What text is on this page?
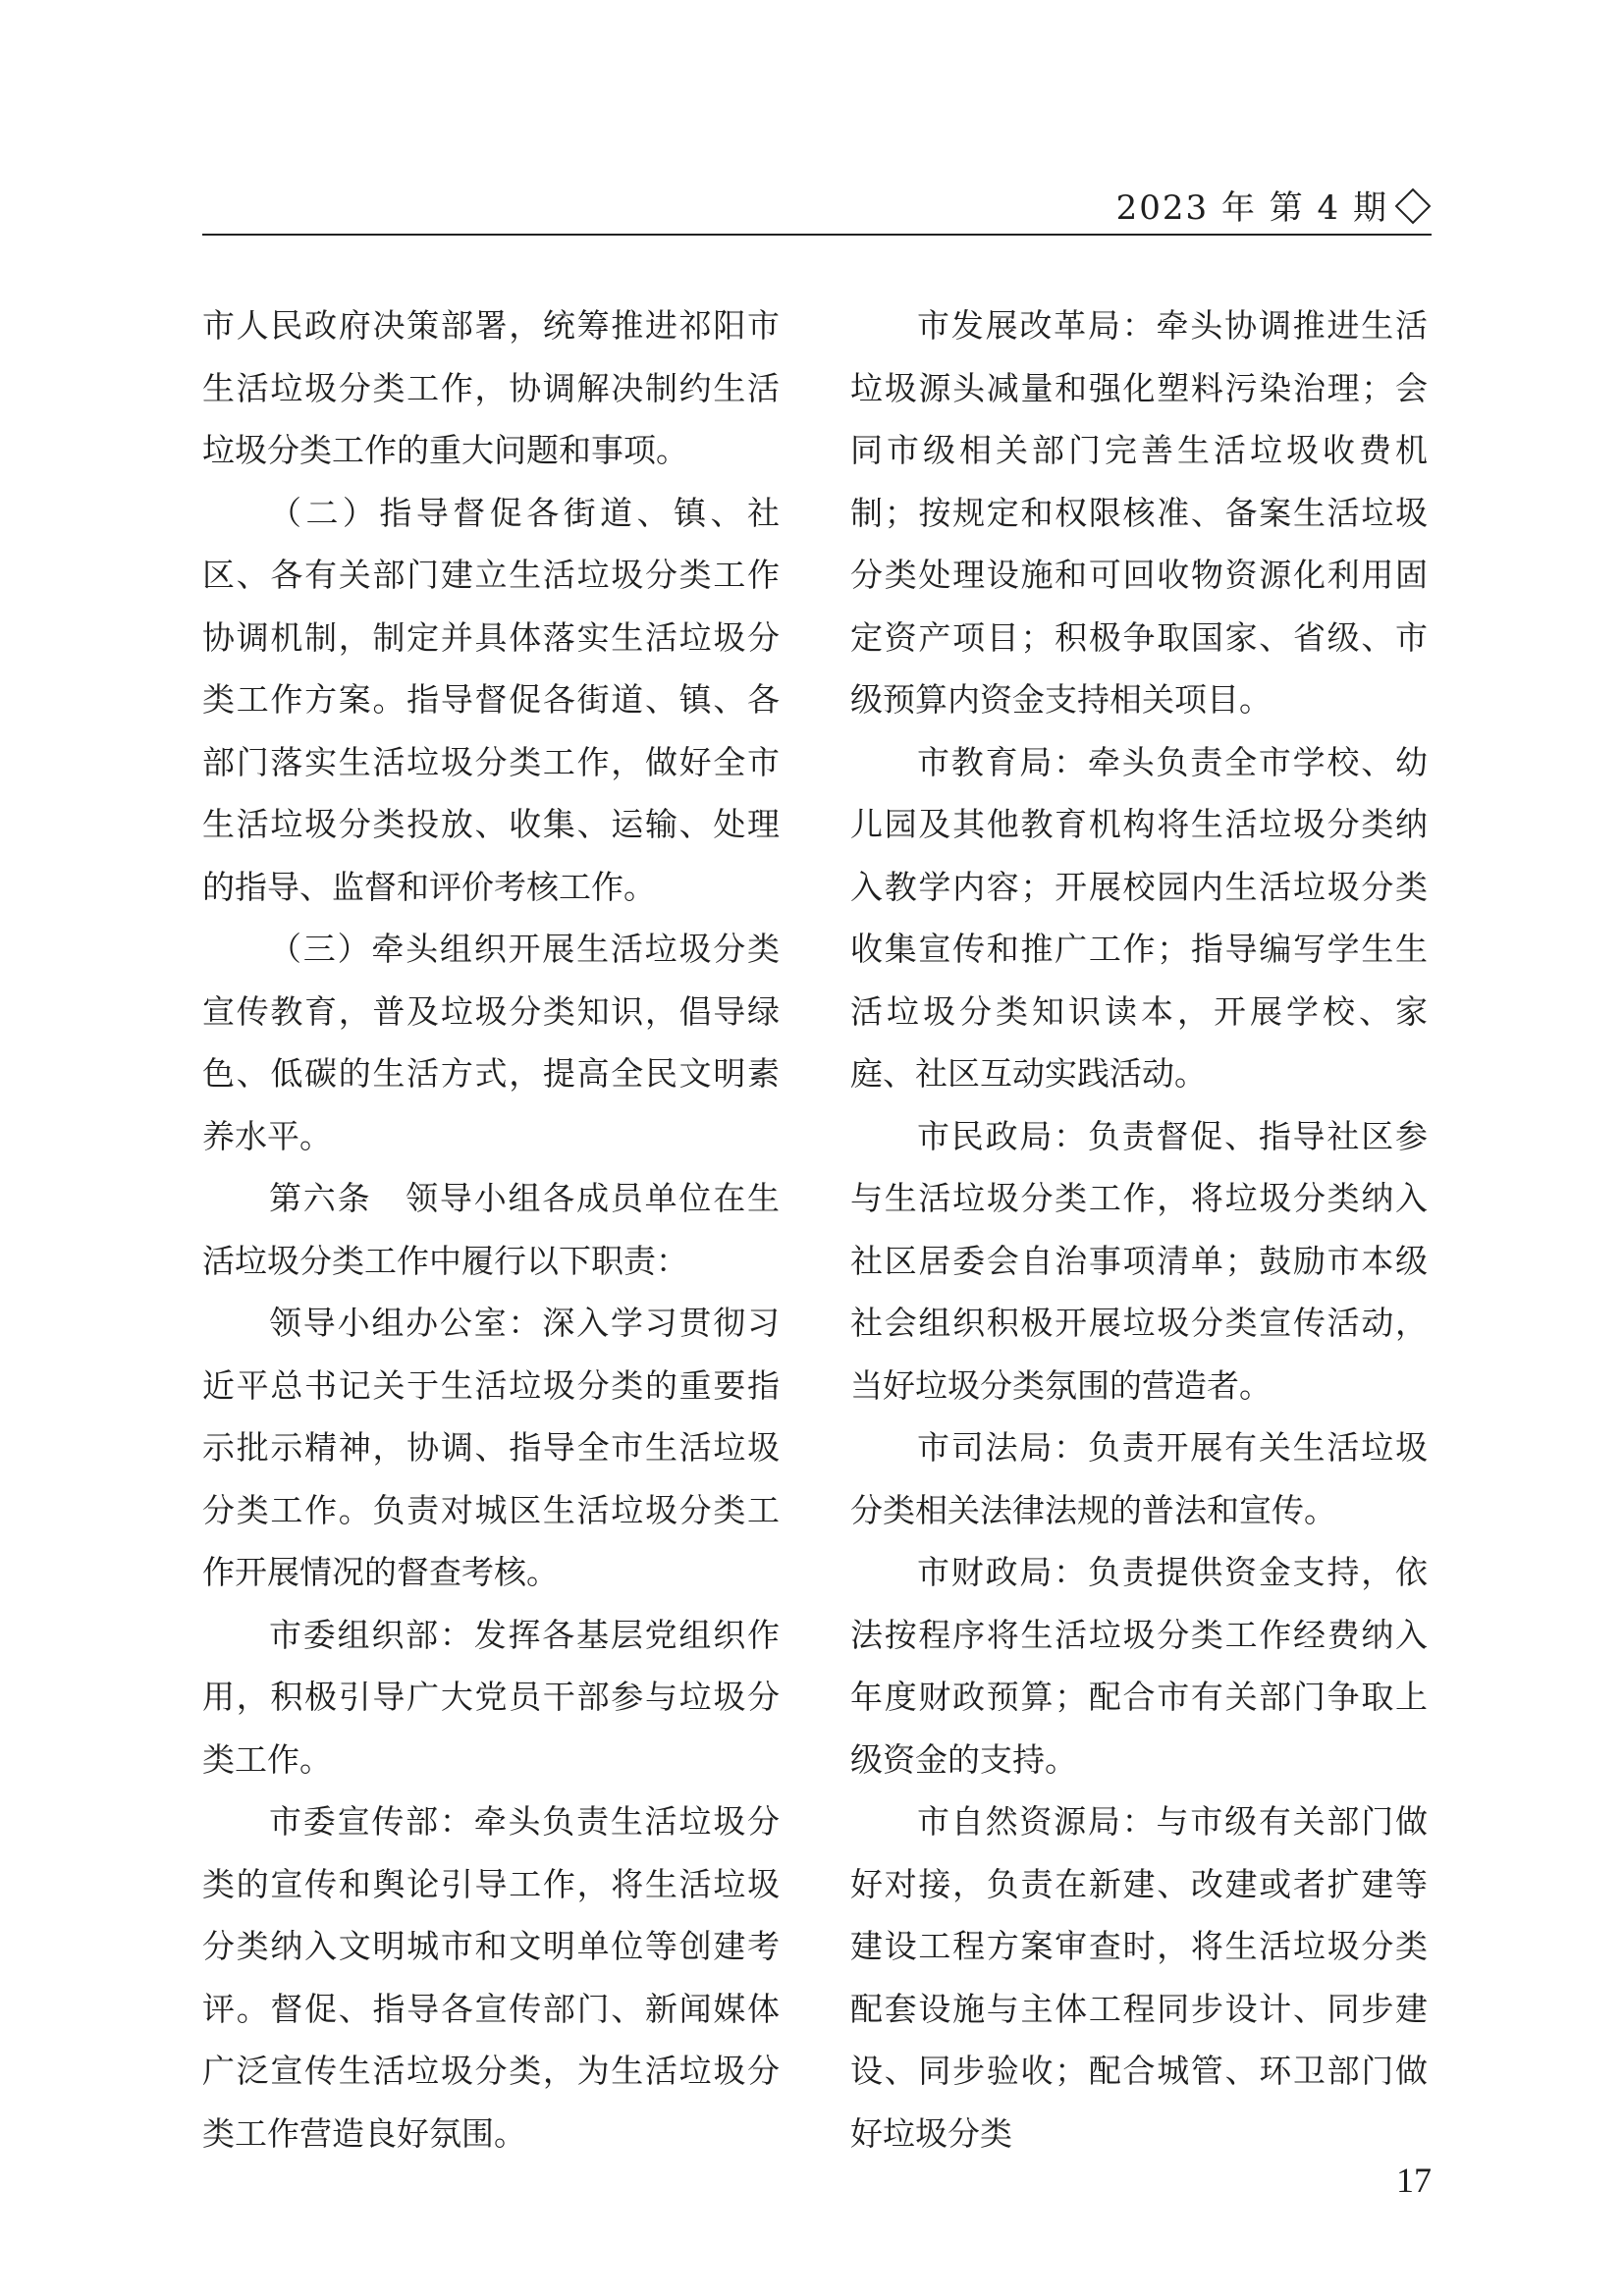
2023 年 第 4 期

市人民政府决策部署，统筹推进祁阳市生活垃圾分类工作，协调解决制约生活垃圾分类工作的重大问题和事项。

（二）指导督促各街道、镇、社区、各有关部门建立生活垃圾分类工作协调机制，制定并具体落实生活垃圾分类工作方案。指导督促各街道、镇、各部门落实生活垃圾分类工作，做好全市生活垃圾分类投放、收集、运输、处理的指导、监督和评价考核工作。

（三）牵头组织开展生活垃圾分类宣传教育，普及垃圾分类知识，倡导绿色、低碳的生活方式，提高全民文明素养水平。

第六条　领导小组各成员单位在生活垃圾分类工作中履行以下职责：

领导小组办公室：深入学习贯彻习近平总书记关于生活垃圾分类的重要指示批示精神，协调、指导全市生活垃圾分类工作。负责对城区生活垃圾分类工作开展情况的督查考核。

市委组织部：发挥各基层党组织作用，积极引导广大党员干部参与垃圾分类工作。

市委宣传部：牵头负责生活垃圾分类的宣传和舆论引导工作，将生活垃圾分类纳入文明城市和文明单位等创建考评。督促、指导各宣传部门、新闻媒体广泛宣传生活垃圾分类，为生活垃圾分类工作营造良好氛围。

市发展改革局：牵头协调推进生活垃圾源头减量和强化塑料污染治理；会同市级相关部门完善生活垃圾收费机制；按规定和权限核准、备案生活垃圾分类处理设施和可回收物资源化利用固定资产项目；积极争取国家、省级、市级预算内资金支持相关项目。

市教育局：牵头负责全市学校、幼儿园及其他教育机构将生活垃圾分类纳入教学内容；开展校园内生活垃圾分类收集宣传和推广工作；指导编写学生生活垃圾分类知识读本，开展学校、家庭、社区互动实践活动。

市民政局：负责督促、指导社区参与生活垃圾分类工作，将垃圾分类纳入社区居委会自治事项清单；鼓励市本级社会组织积极开展垃圾分类宣传活动，当好垃圾分类氛围的营造者。

市司法局：负责开展有关生活垃圾分类相关法律法规的普法和宣传。

市财政局：负责提供资金支持，依法按程序将生活垃圾分类工作经费纳入年度财政预算；配合市有关部门争取上级资金的支持。

市自然资源局：与市级有关部门做好对接，负责在新建、改建或者扩建等建设工程方案审查时，将生活垃圾分类配套设施与主体工程同步设计、同步建设、同步验收；配合城管、环卫部门做好垃圾分类

17
